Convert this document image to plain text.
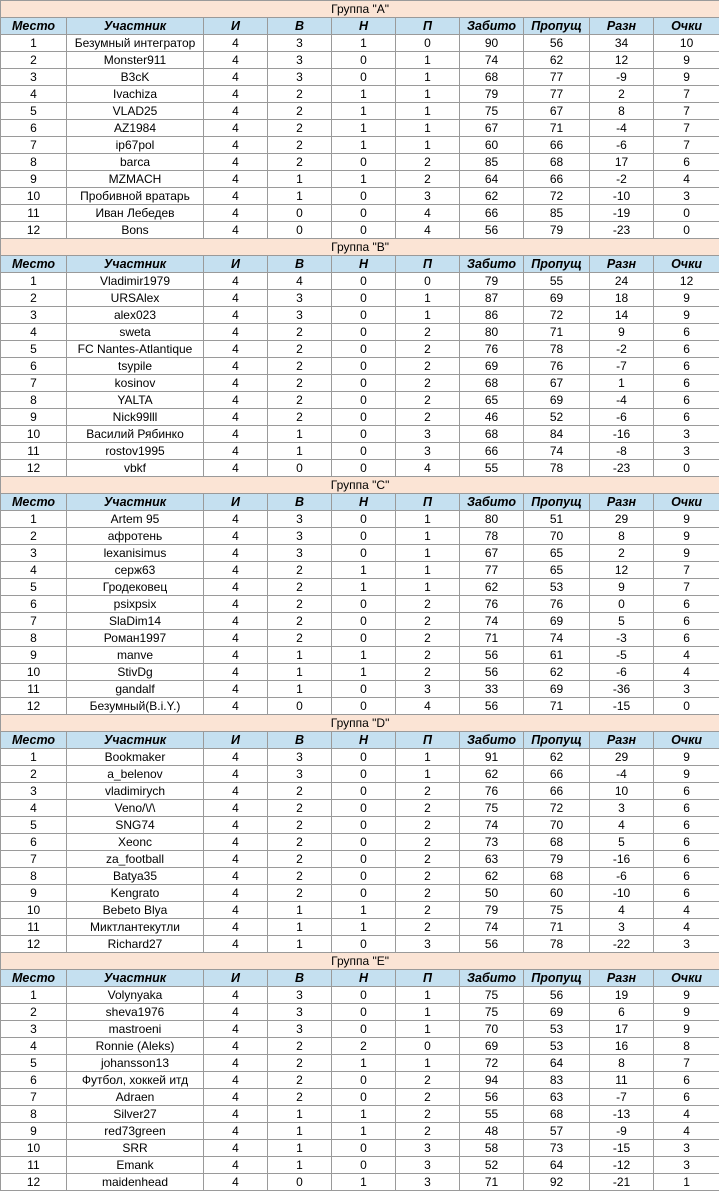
Группа "A"									
Место	Участник	И	В	Н	П	Забито	Пропущ	Разн	Очки
1	Безумный интегратор	4	3	1	0	90	56	34	10
2	Monster911	4	3	0	1	74	62	12	9
3	B3cK	4	3	0	1	68	77	-9	9
4	Ivachiza	4	2	1	1	79	77	2	7
5	VLAD25	4	2	1	1	75	67	8	7
6	AZ1984	4	2	1	1	67	71	-4	7
7	ip67pol	4	2	1	1	60	66	-6	7
8	barca	4	2	0	2	85	68	17	6
9	MZMACH	4	1	1	2	64	66	-2	4
10	Пробивной вратарь	4	1	0	3	62	72	-10	3
11	Иван Лебедев	4	0	0	4	66	85	-19	0
12	Bons	4	0	0	4	56	79	-23	0
Группа "B"									
Место	Участник	И	В	Н	П	Забито	Пропущ	Разн	Очки
1	Vladimir1979	4	4	0	0	79	55	24	12
2	URSAlex	4	3	0	1	87	69	18	9
3	alex023	4	3	0	1	86	72	14	9
4	sweta	4	2	0	2	80	71	9	6
5	FC Nantes-Atlantique	4	2	0	2	76	78	-2	6
6	tsypile	4	2	0	2	69	76	-7	6
7	kosinov	4	2	0	2	68	67	1	6
8	YALTA	4	2	0	2	65	69	-4	6
9	Nick99lll	4	2	0	2	46	52	-6	6
10	Василий Рябинко	4	1	0	3	68	84	-16	3
11	rostov1995	4	1	0	3	66	74	-8	3
12	vbkf	4	0	0	4	55	78	-23	0
Группа "C"									
Место	Участник	И	В	Н	П	Забито	Пропущ	Разн	Очки
1	Artem 95	4	3	0	1	80	51	29	9
2	афротень	4	3	0	1	78	70	8	9
3	lexanisimus	4	3	0	1	67	65	2	9
4	серж63	4	2	1	1	77	65	12	7
5	Гродековец	4	2	1	1	62	53	9	7
6	psixpsix	4	2	0	2	76	76	0	6
7	SlaDim14	4	2	0	2	74	69	5	6
8	Роман1997	4	2	0	2	71	74	-3	6
9	manve	4	1	1	2	56	61	-5	4
10	StivDg	4	1	1	2	56	62	-6	4
11	gandalf	4	1	0	3	33	69	-36	3
12	Безумный(B.i.Y.)	4	0	0	4	56	71	-15	0
Группа "D"									
Место	Участник	И	В	Н	П	Забито	Пропущ	Разн	Очки
1	Bookmaker	4	3	0	1	91	62	29	9
2	a_belenov	4	3	0	1	62	66	-4	9
3	vladimirych	4	2	0	2	76	66	10	6
4	Veno/\/\	4	2	0	2	75	72	3	6
5	SNG74	4	2	0	2	74	70	4	6
6	Xeonc	4	2	0	2	73	68	5	6
7	za_football	4	2	0	2	63	79	-16	6
8	Batya35	4	2	0	2	62	68	-6	6
9	Kengrato	4	2	0	2	50	60	-10	6
10	Bebeto Blya	4	1	1	2	79	75	4	4
11	Миктлантекутли	4	1	1	2	74	71	3	4
12	Richard27	4	1	0	3	56	78	-22	3
Группа "E"									
Место	Участник	И	В	Н	П	Забито	Пропущ	Разн	Очки
1	Volynyaka	4	3	0	1	75	56	19	9
2	sheva1976	4	3	0	1	75	69	6	9
3	mastroeni	4	3	0	1	70	53	17	9
4	Ronnie (Aleks)	4	2	2	0	69	53	16	8
5	johansson13	4	2	1	1	72	64	8	7
6	Футбол, хоккей итд	4	2	0	2	94	83	11	6
7	Adraen	4	2	0	2	56	63	-7	6
8	Silver27	4	1	1	2	55	68	-13	4
9	red73green	4	1	1	2	48	57	-9	4
10	SRR	4	1	0	3	58	73	-15	3
11	Emank	4	1	0	3	52	64	-12	3
12	maidenhead	4	0	1	3	71	92	-21	1
